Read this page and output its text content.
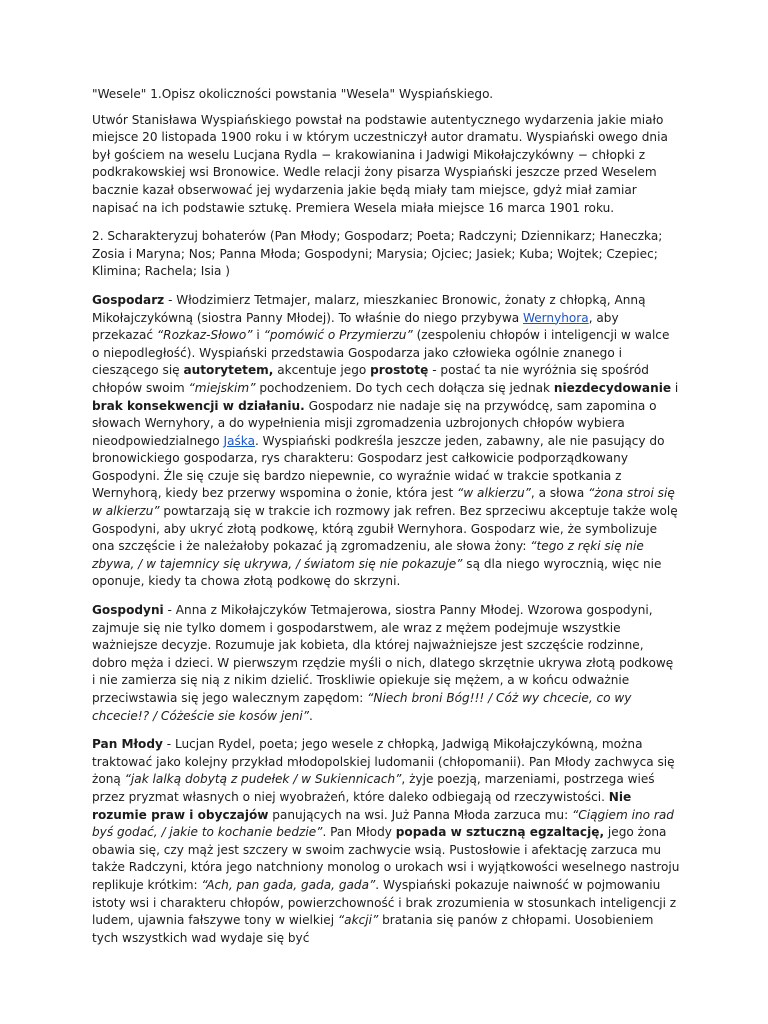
"Wesele" 1.Opisz okoliczności powstania "Wesela" Wyspiańskiego.

Utwór Stanisława Wyspiańskiego powstał na podstawie autentycznego wydarzenia jakie miało miejsce 20 listopada 1900 roku i w którym uczestniczył autor dramatu. Wyspiański owego dnia był gościem na weselu Lucjana Rydla − krakowianina i Jadwigi Mikołajczykówny − chłopki z podkrakowskiej wsi Bronowice. Wedle relacji żony pisarza Wyspiański jeszcze przed Weselem bacznie kazał obserwować jej wydarzenia jakie będą miały tam miejsce, gdyż miał zamiar napisać na ich podstawie sztukę. Premiera Wesela miała miejsce 16 marca 1901 roku.

2. Scharakteryzuj bohaterów (Pan Młody; Gospodarz; Poeta; Radczyni; Dziennikarz; Haneczka; Zosia i Maryna; Nos; Panna Młoda; Gospodyni; Marysia; Ojciec; Jasiek; Kuba; Wojtek; Czepiec; Klimina; Rachela; Isia )

Gospodarz - Włodzimierz Tetmajer, malarz, mieszkaniec Bronowic, żonaty z chłopką, Anną Mikołajczykówną (siostra Panny Młodej). To właśnie do niego przybywa Wernyhora, aby przekazać “Rozkaz-Słowo” i “pomówić o Przymierzu” (zespoleniu chłopów i inteligencji w walce o niepodległość). Wyspiański przedstawia Gospodarza jako człowieka ogólnie znanego i cieszącego się autorytetem, akcentuje jego prostotę - postać ta nie wyróżnia się spośród chłopów swoim “miejskim” pochodzeniem. Do tych cech dołącza się jednak niezdecydowanie i brak konsekwencji w działaniu. Gospodarz nie nadaje się na przywódcę, sam zapomina o słowach Wernyhory, a do wypełnienia misji zgromadzenia uzbrojonych chłopów wybiera nieodpowiedzialnego Jaśka. Wyspiański podkreśla jeszcze jeden, zabawny, ale nie pasujący do bronowickiego gospodarza, rys charakteru: Gospodarz jest całkowicie podporządkowany Gospodyni. Źle się czuje się bardzo niepewnie, co wyraźnie widać w trakcie spotkania z Wernyhorą, kiedy bez przerwy wspomina o żonie, która jest “w alkierzu”, a słowa “żona stroi się w alkierzu” powtarzają się w trakcie ich rozmowy jak refren. Bez sprzeciwu akceptuje także wolę Gospodyni, aby ukryć złotą podkowę, którą zgubił Wernyhora. Gospodarz wie, że symbolizuje ona szczęście i że należałoby pokazać ją zgromadzeniu, ale słowa żony: “tego z ręki się nie zbywa, / w tajemnicy się ukrywa, / światom się nie pokazuje” są dla niego wyrocznią, więc nie oponuje, kiedy ta chowa złotą podkowę do skrzyni.

Gospodyni - Anna z Mikołajczyków Tetmajerowa, siostra Panny Młodej. Wzorowa gospodyni, zajmuje się nie tylko domem i gospodarstwem, ale wraz z mężem podejmuje wszystkie ważniejsze decyzje. Rozumuje jak kobieta, dla której najważniejsze jest szczęście rodzinne, dobro męża i dzieci. W pierwszym rzędzie myśli o nich, dlatego skrzętnie ukrywa złotą podkowę i nie zamierza się nią z nikim dzielić. Troskliwie opiekuje się mężem, a w końcu odważnie przeciwstawia się jego walecznym zapędom: “Niech broni Bóg!!! / Cóż wy chcecie, co wy chcecie!? / Cóżeście sie kosów jeni”.

Pan Młody - Lucjan Rydel, poeta; jego wesele z chłopką, Jadwigą Mikołajczykówną, można traktować jako kolejny przykład młodopolskiej ludomanii (chłopomanii). Pan Młody zachwyca się żoną “jak lalką dobytą z pudełek / w Sukiennicach”, żyje poezją, marzeniami, postrzega wieś przez pryzmat własnych o niej wyobrażeń, które daleko odbiegają od rzeczywistości. Nie rozumie praw i obyczajów panujących na wsi. Już Panna Młoda zarzuca mu: “Ciągiem ino rad byś godać, / jakie to kochanie bedzie”. Pan Młody popada w sztuczną egzaltację, jego żona obawia się, czy mąż jest szczery w swoim zachwycie wsią. Pustosłowie i afektację zarzuca mu także Radczyni, która jego natchniony monolog o urokach wsi i wyjątkowości weselnego nastroju replikuje krótkim: “Ach, pan gada, gada, gada”. Wyspiański pokazuje naiwność w pojmowaniu istoty wsi i charakteru chłopów, powierzchowność i brak zrozumienia w stosunkach inteligencji z ludem, ujawnia fałszywe tony w wielkiej “akcji” bratania się panów z chłopami. Uosobieniem tych wszystkich wad wydaje się być
